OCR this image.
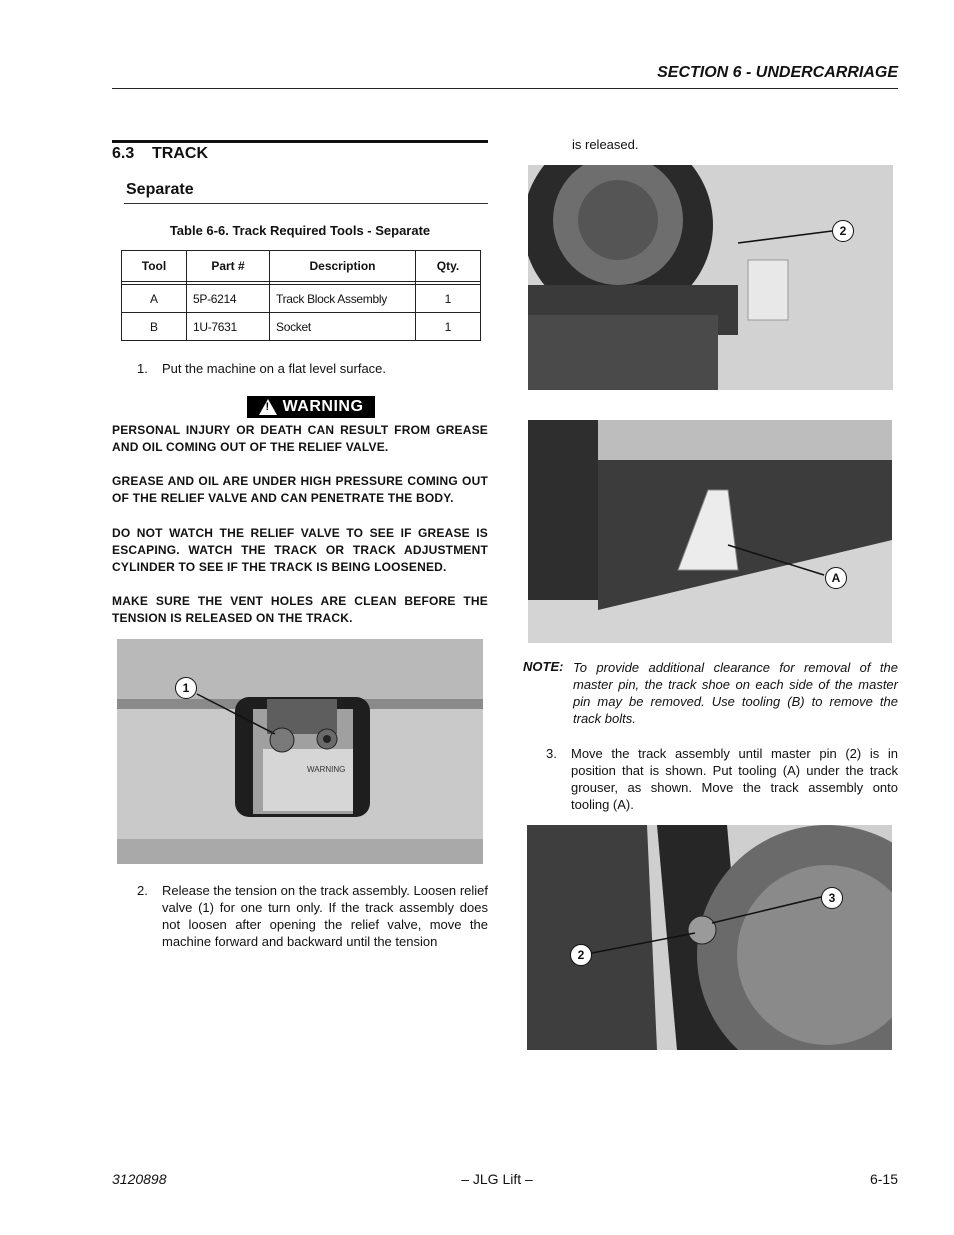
SECTION 6 - UNDERCARRIAGE
6.3    TRACK
Separate
Table 6-6. Track Required Tools - Separate
Tool	Part #	Description	Qty.

A	5P-6214	Track Block Assembly	1
B	1U-7631	Socket	1
1. Put the machine on a flat level surface.
! WARNING
PERSONAL INJURY OR DEATH CAN RESULT FROM GREASE AND OIL COMING OUT OF THE RELIEF VALVE.
GREASE AND OIL ARE UNDER HIGH PRESSURE COMING OUT OF THE RELIEF VALVE AND CAN PENETRATE THE BODY.
DO NOT WATCH THE RELIEF VALVE TO SEE IF GREASE IS ESCAPING. WATCH THE TRACK OR TRACK ADJUSTMENT CYLINDER TO SEE IF THE TRACK IS BEING LOOSENED.
MAKE SURE THE VENT HOLES ARE CLEAN BEFORE THE TENSION IS RELEASED ON THE TRACK.
WARNING
1
2. Release the tension on the track assembly. Loosen relief valve (1) for one turn only. If the track assembly does not loosen after opening the relief valve, move the machine forward and backward until the tension
is released.
2
A
NOTE: To provide additional clearance for removal of the master pin, the track shoe on each side of the master pin may be removed. Use tooling (B) to remove the track bolts.
3. Move the track assembly until master pin (2) is in position that is shown. Put tooling (A) under the track grouser, as shown. Move the track assembly onto tooling (A).
3
2
3120898	– JLG Lift –	6-15
